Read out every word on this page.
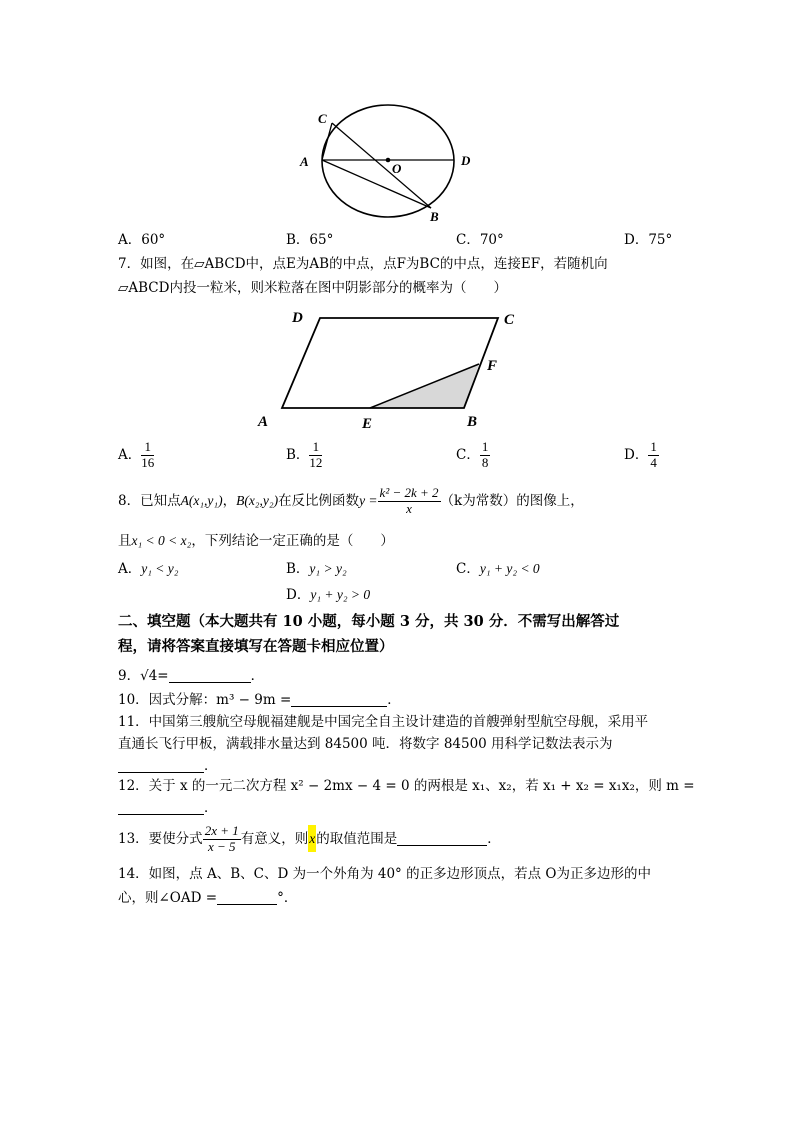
C
A	O
D
B
A．60°	B．65°	C．70°	D．75°
7．如图，在▱ABCD中，点E为AB的中点，点F为BC的中点，连接EF，若随机向
▱ABCD内投一粒米，则米粒落在图中阴影部分的概率为（　　）
D	C
F
A	E	B
A． $\frac{1}{16}$	B． $\frac{1}{12}$	C． $\frac{1}{8}$	D． $\frac{1}{4}$
8．已知点A(x₁,y₁)，B(x₂,y₂)在反比例函数$y = \frac{\text{k² − 2k + 2}}{x} (k$为常数）的图像上，
且x₁ < 0 < x₂，下列结论一定正确的是（　　）
A．y₁ < y₂	B．y₁ > y₂	C．y₁ + y₂ < 0
D．y₁ + y₂ > 0
二、填空题（本大题共有 10 小题，每小题 3 分，共 30 分．不需写出解答过
程，请将答案直接填写在答题卡相应位置）
9．√4=	．
10．因式分解：m³ − 9m =	．
11．中国第三艘航空母舰福建舰是中国完全自主设计建造的首艘弹射型航空母舰，采用平
直通长飞行甲板，满载排水量达到 84500 吨．将数字 84500 用科学记数法表示为
．
12．关于 x 的一元二次方程 x² − 2mx − 4 = 0 的两根是 x₁、x₂，若 x₁ + x₂ = x₁x₂，则 m =
．
13．要使分式 $\frac{2x + 1}{x - 5}$ 有意义，则x的取值范围是	．
14．如图，点 A、B、C、D 为一个外角为 40° 的正多边形顶点，若点 O为正多边形的中
心，则∠OAD =	°．
